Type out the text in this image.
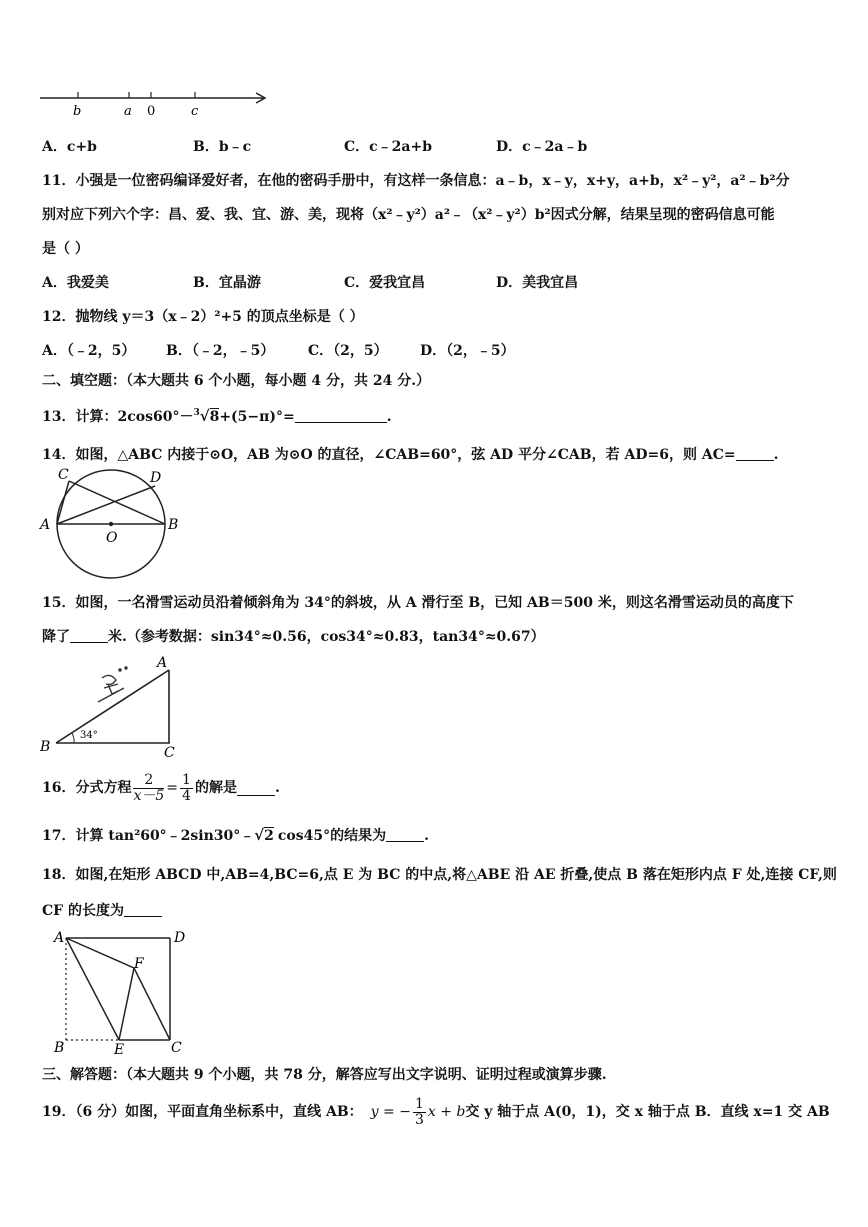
b	a 0	c
A．c+b	B．b﹣c	C．c﹣2a+b	D．c﹣2a﹣b
11．小强是一位密码编译爱好者，在他的密码手册中，有这样一条信息：a﹣b，x﹣y，x+y，a+b，x²﹣y²，a²﹣b²分
别对应下列六个字：昌、爱、我、宜、游、美，现将（x²﹣y²）a²﹣（x²﹣y²）b²因式分解，结果呈现的密码信息可能
是（ ）
A．我爱美	B．宜晶游	C．爱我宜昌	D．美我宜昌
12．抛物线 y＝3（x﹣2）²+5 的顶点坐标是（ ）
A．（﹣2，5） B．（﹣2，﹣5） C．（2，5） D．（2，﹣5）
二、填空题：（本大题共 6 个小题，每小题 4 分，共 24 分.）
13．计算：2cos60°－$^3$√8+(5−π)°=	.
14．如图，△ABC 内接于⊙O，AB 为⊙O 的直径，∠CAB=60°，弦 AD 平分∠CAB，若 AD=6，则 AC=	.
A	B
C	D
O
15．如图，一名滑雪运动员沿着倾斜角为 34°的斜坡，从 A 滑行至 B，已知 AB＝500 米，则这名滑雪运动员的高度下
降了	米.（参考数据：sin34°≈0.56，cos34°≈0.83，tan34°≈0.67）
A
B	C
34°
16．分式方程 $\frac{2}{x-5} = \frac{1}{4}$ 的解是	.
17．计算 tan²60°﹣2sin30°﹣√2 cos45°的结果为	.
18．如图,在矩形 ABCD 中,AB=4,BC=6,点 E 为 BC 的中点,将△ABE 沿 AE 折叠,使点 B 落在矩形内点 F 处,连接 CF,则
CF 的长度为
A	D
B	E	C
F
三、解答题：（本大题共 9 个小题，共 78 分，解答应写出文字说明、证明过程或演算步骤.
19．（6 分）如图，平面直角坐标系中，直线 AB： y = − $\frac{1}{3}$ x + b 交 y 轴于点 A(0，1)，交 x 轴于点 B．直线 x=1 交 AB
